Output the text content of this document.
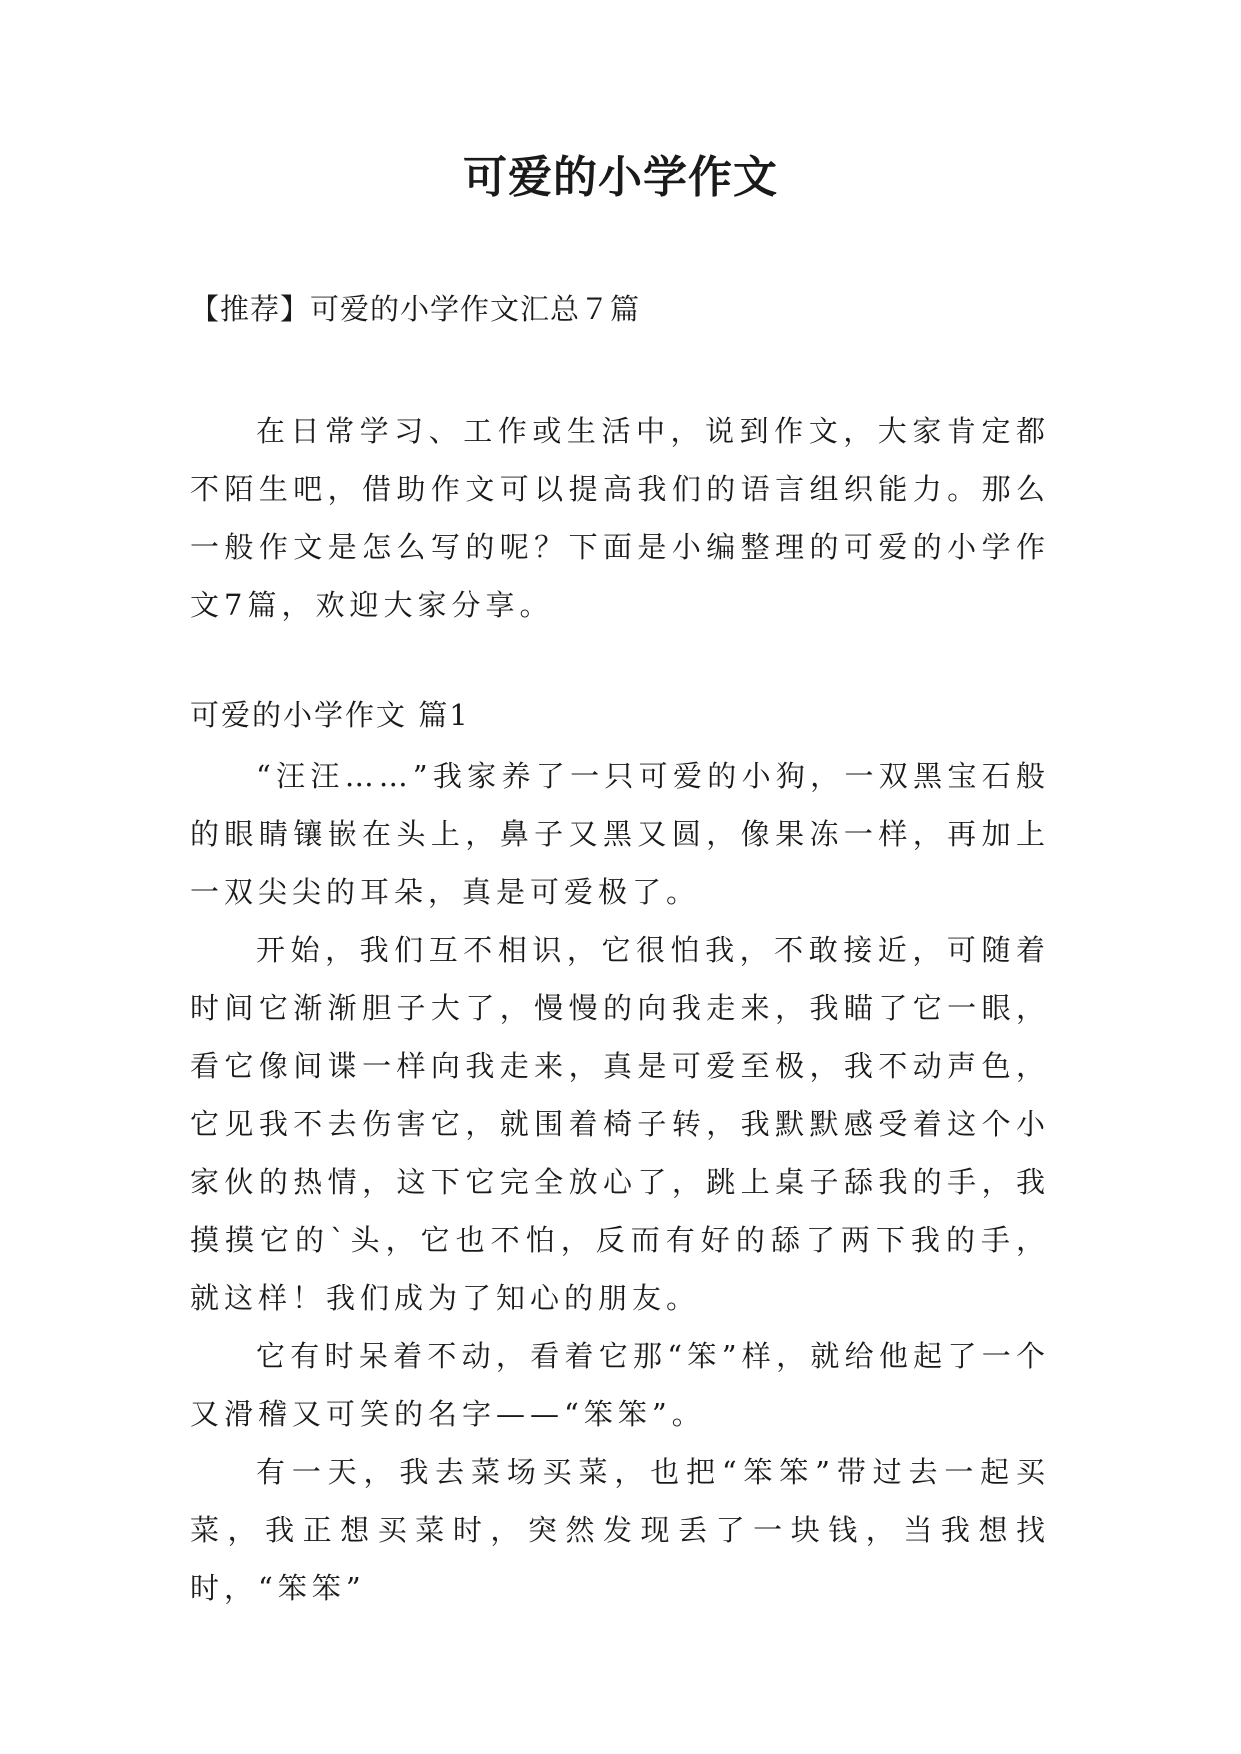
可爱的小学作文
【推荐】可爱的小学作文汇总７篇

在日常学习、工作或生活中，说到作文，大家肯定都不陌生吧，借助作文可以提高我们的语言组织能力。那么一般作文是怎么写的呢？下面是小编整理的可爱的小学作文7篇，欢迎大家分享。

可爱的小学作文 篇1

“汪汪……”我家养了一只可爱的小狗，一双黑宝石般的眼睛镶嵌在头上，鼻子又黑又圆，像果冻一样，再加上一双尖尖的耳朵，真是可爱极了。

开始，我们互不相识，它很怕我，不敢接近，可随着时间它渐渐胆子大了，慢慢的向我走来，我瞄了它一眼，看它像间谍一样向我走来，真是可爱至极，我不动声色，它见我不去伤害它，就围着椅子转，我默默感受着这个小家伙的热情，这下它完全放心了，跳上桌子舔我的手，我摸摸它的`头，它也不怕，反而有好的舔了两下我的手，就这样！我们成为了知心的朋友。

它有时呆着不动，看着它那“笨”样，就给他起了一个又滑稽又可笑的名字——“笨笨”。

有一天，我去菜场买菜，也把“笨笨”带过去一起买菜，我正想买菜时，突然发现丢了一块钱，当我想找时，“笨笨”
